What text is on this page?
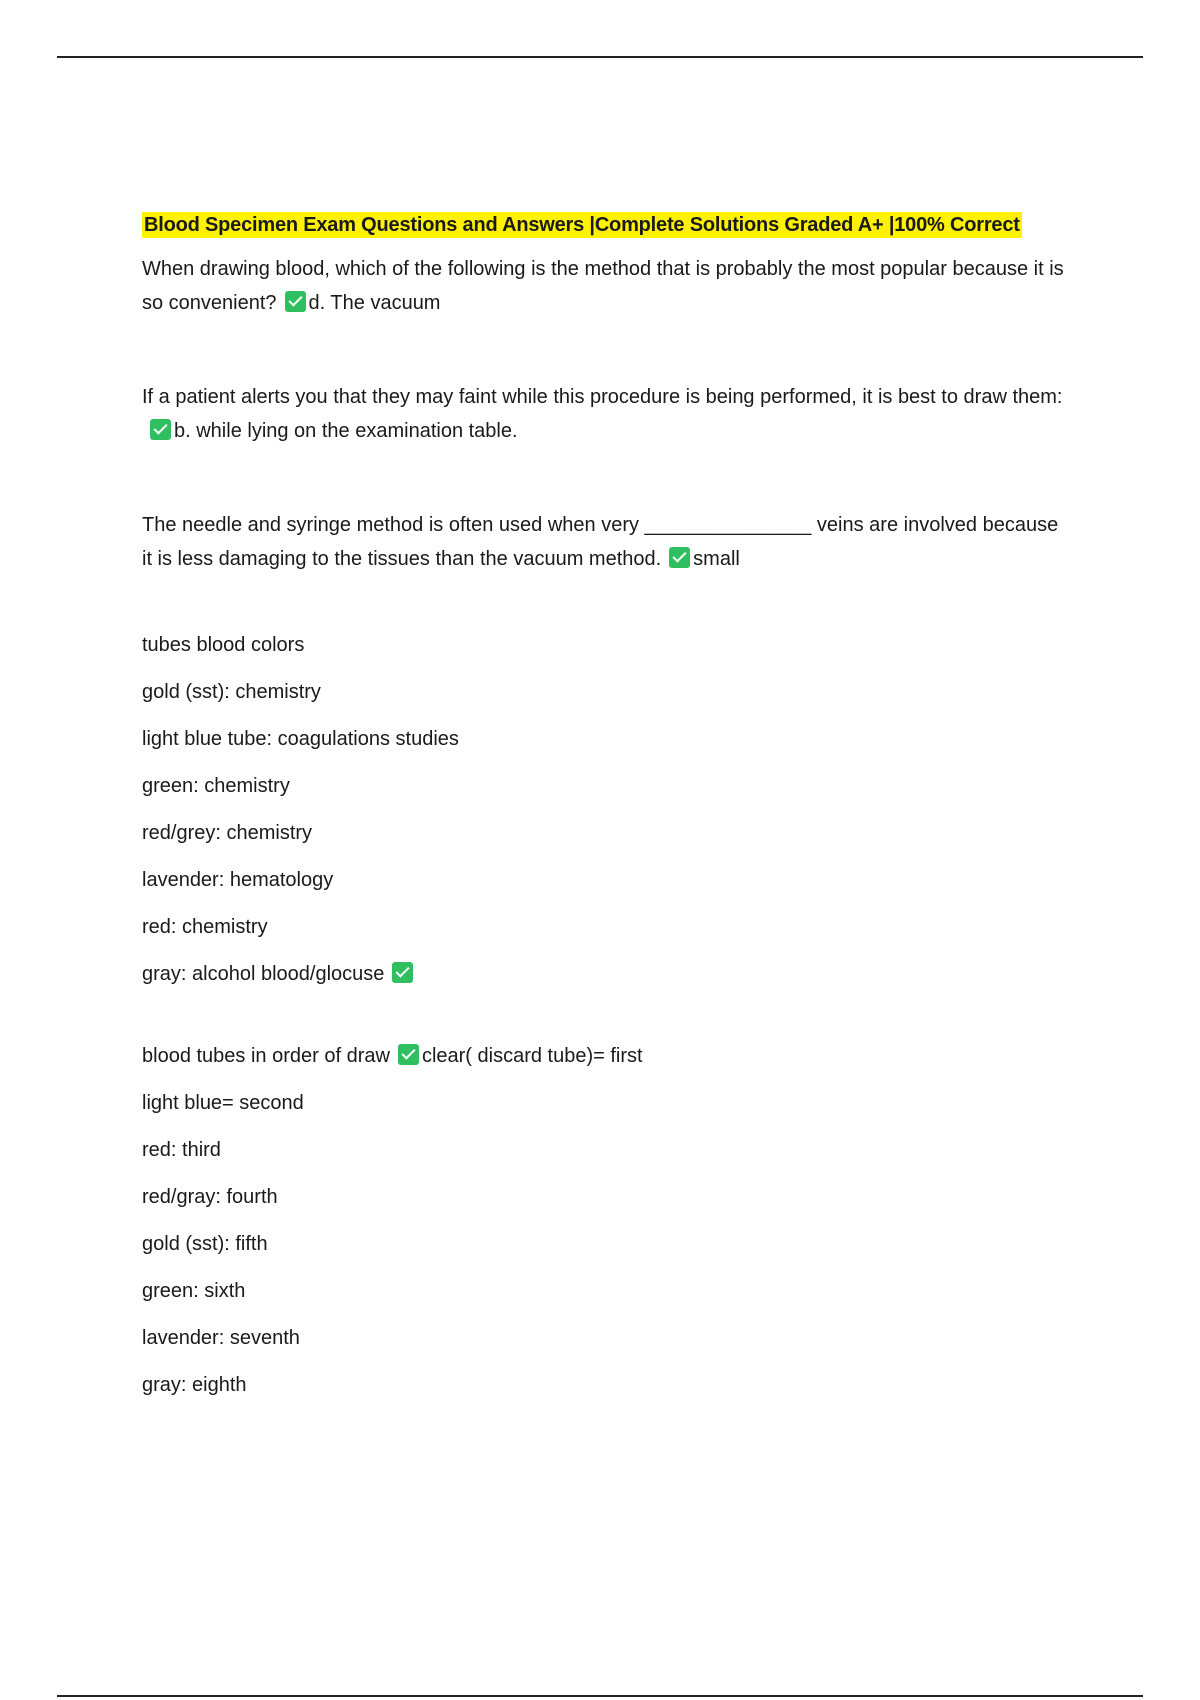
Blood Specimen Exam Questions and Answers |Complete Solutions Graded A+ |100% Correct
When drawing blood, which of the following is the method that is probably the most popular because it is so convenient? d. The vacuum
If a patient alerts you that they may faint while this procedure is being performed, it is best to draw them:b. while lying on the examination table.
The needle and syringe method is often used when very _______________ veins are involved because it is less damaging to the tissues than the vacuum method. small
tubes blood colors
gold (sst): chemistry
light blue tube: coagulations studies
green: chemistry
red/grey: chemistry
lavender: hematology
red: chemistry
gray: alcohol blood/glocuse
blood tubes in order of draw clear( discard tube)= first
light blue= second
red: third
red/gray: fourth
gold (sst): fifth
green: sixth
lavender: seventh
gray: eighth
